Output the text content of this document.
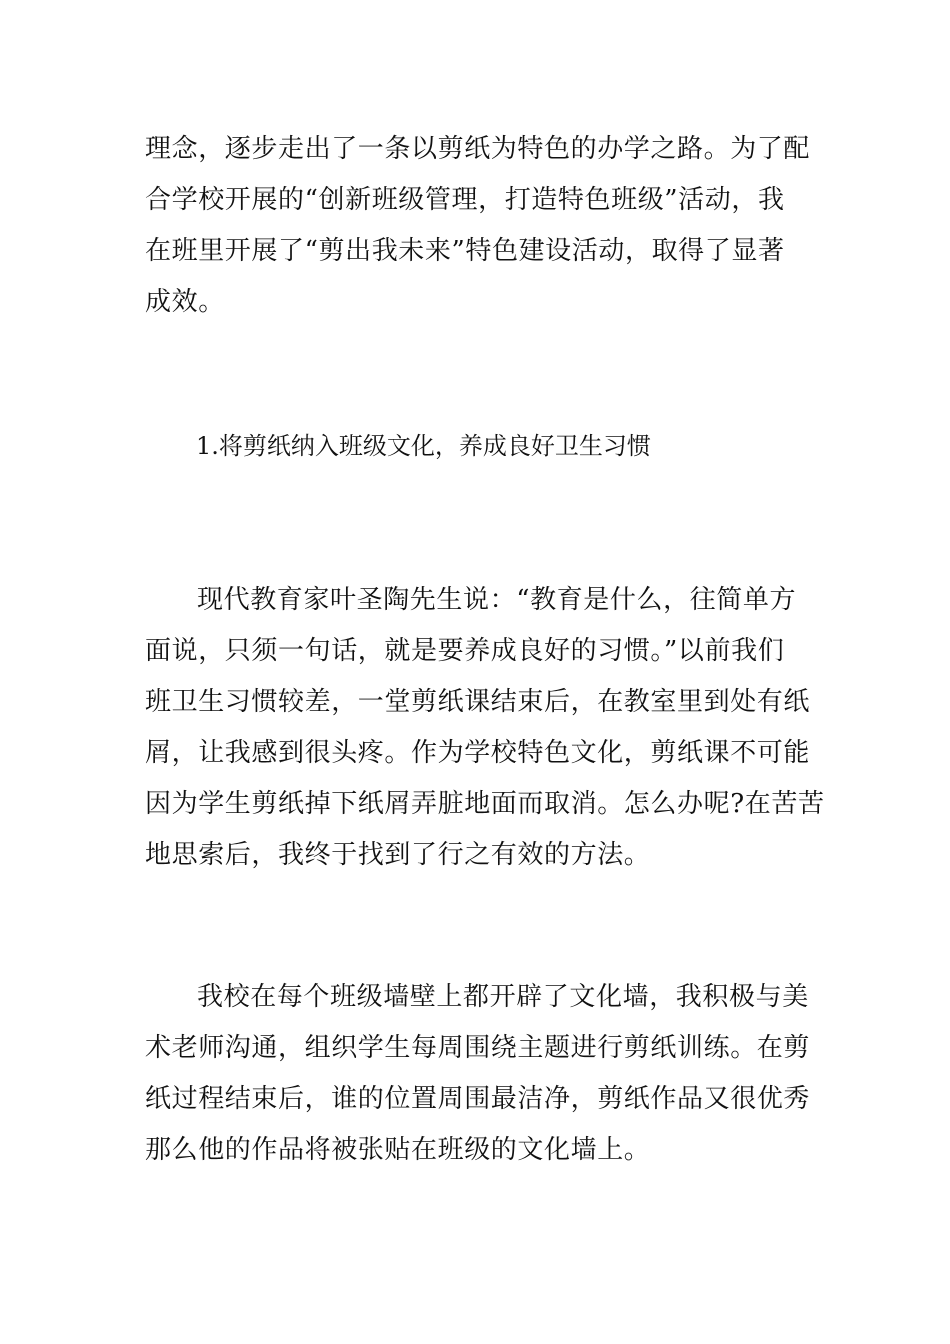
理念，逐步走出了一条以剪纸为特色的办学之路。为了配
合学校开展的“创新班级管理，打造特色班级”活动，我
在班里开展了“剪出我未来”特色建设活动，取得了显著
成效。
1.将剪纸纳入班级文化，养成良好卫生习惯
现代教育家叶圣陶先生说：“教育是什么，往简单方
面说，只须一句话，就是要养成良好的习惯。”以前我们
班卫生习惯较差，一堂剪纸课结束后，在教室里到处有纸
屑，让我感到很头疼。作为学校特色文化，剪纸课不可能
因为学生剪纸掉下纸屑弄脏地面而取消。怎么办呢?在苦苦
地思索后，我终于找到了行之有效的方法。
我校在每个班级墙壁上都开辟了文化墙，我积极与美
术老师沟通，组织学生每周围绕主题进行剪纸训练。在剪
纸过程结束后，谁的位置周围最洁净，剪纸作品又很优秀
那么他的作品将被张贴在班级的文化墙上。
